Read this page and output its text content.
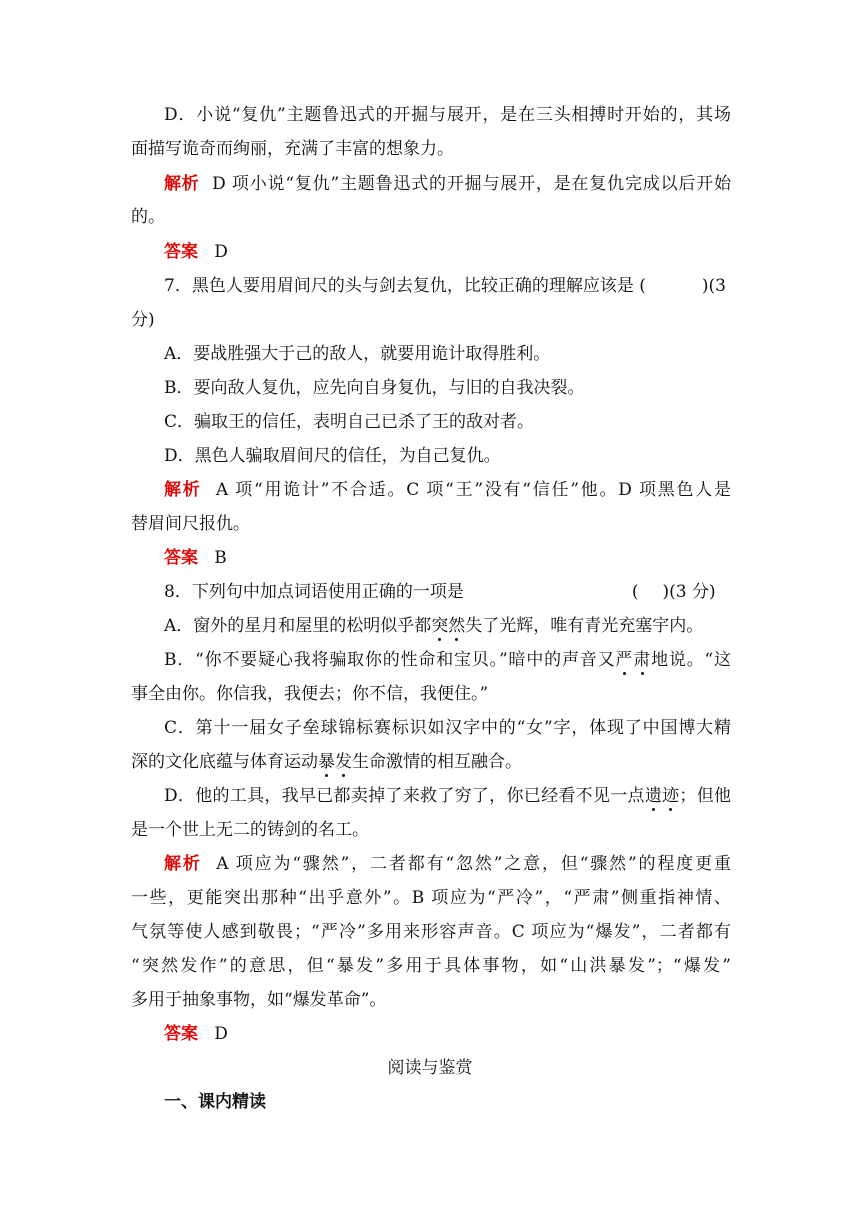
D．小说“复仇”主题鲁迅式的开掘与展开，是在三头相搏时开始的，其场
面描写诡奇而绚丽，充满了丰富的想象力。
解析 D 项小说“复仇”主题鲁迅式的开掘与展开，是在复仇完成以后开始
的。
答案 D
7．黑色人要用眉间尺的头与剑去复仇，比较正确的理解应该是 (	)(3
分)
A．要战胜强大于己的敌人，就要用诡计取得胜利。
B．要向敌人复仇，应先向自身复仇，与旧的自我决裂。
C．骗取王的信任，表明自己已杀了王的敌对者。
D．黑色人骗取眉间尺的信任，为自己复仇。
解析 A 项“用诡计”不合适。C 项“王”没有“信任”他。D 项黑色人是
替眉间尺报仇。
答案 B
8．下列句中加点词语使用正确的一项是	( )(3 分)
A．窗外的星月和屋里的松明似乎都突然失了光辉，唯有青光充塞宇内。
B．“你不要疑心我将骗取你的性命和宝贝。”暗中的声音又严肃地说。“这
事全由你。你信我，我便去；你不信，我便住。”
C．第十一届女子垒球锦标赛标识如汉字中的“女”字，体现了中国博大精
深的文化底蕴与体育运动暴发生命激情的相互融合。
D．他的工具，我早已都卖掉了来救了穷了，你已经看不见一点遗迹；但他
是一个世上无二的铸剑的名工。
解析 A 项应为“骤然”，二者都有“忽然”之意，但“骤然”的程度更重
一些，更能突出那种“出乎意外”。B 项应为“严冷”，“严肃”侧重指神情、
气氛等使人感到敬畏；“严冷”多用来形容声音。C 项应为“爆发”，二者都有
“突然发作”的意思，但“暴发”多用于具体事物，如“山洪暴发”；“爆发”
多用于抽象事物，如“爆发革命”。
答案 D
阅读与鉴赏
一、课内精读
